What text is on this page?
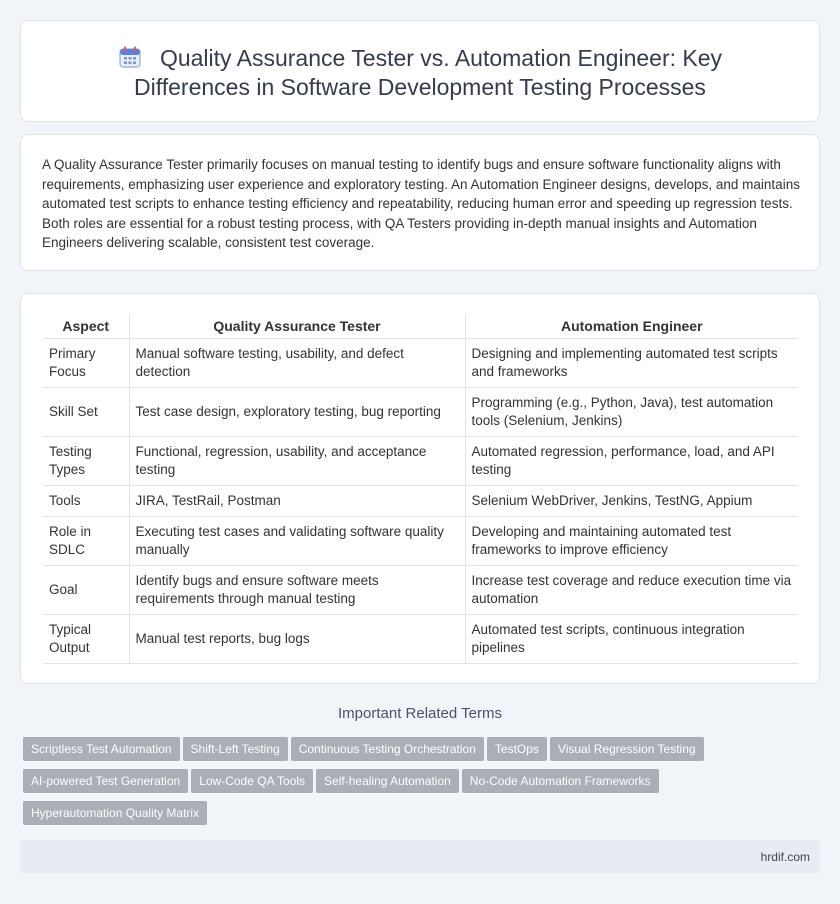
Quality Assurance Tester vs. Automation Engineer: Key Differences in Software Development Testing Processes

A Quality Assurance Tester primarily focuses on manual testing to identify bugs and ensure software functionality aligns with requirements, emphasizing user experience and exploratory testing. An Automation Engineer designs, develops, and maintains automated test scripts to enhance testing efficiency and repeatability, reducing human error and speeding up regression tests. Both roles are essential for a robust testing process, with QA Testers providing in-depth manual insights and Automation Engineers delivering scalable, consistent test coverage.

Aspect	Quality Assurance Tester	Automation Engineer
Primary Focus	Manual software testing, usability, and defect detection	Designing and implementing automated test scripts and frameworks
Skill Set	Test case design, exploratory testing, bug reporting	Programming (e.g., Python, Java), test automation tools (Selenium, Jenkins)
Testing Types	Functional, regression, usability, and acceptance testing	Automated regression, performance, load, and API testing
Tools	JIRA, TestRail, Postman	Selenium WebDriver, Jenkins, TestNG, Appium
Role in SDLC	Executing test cases and validating software quality manually	Developing and maintaining automated test frameworks to improve efficiency
Goal	Identify bugs and ensure software meets requirements through manual testing	Increase test coverage and reduce execution time via automation
Typical Output	Manual test reports, bug logs	Automated test scripts, continuous integration pipelines
Important Related Terms
Scriptless Test Automation Shift-Left Testing Continuous Testing Orchestration TestOps Visual Regression TestingAI-powered Test Generation Low-Code QA Tools Self-healing Automation No-Code Automation FrameworksHyperautomation Quality Matrix
hrdif.com
